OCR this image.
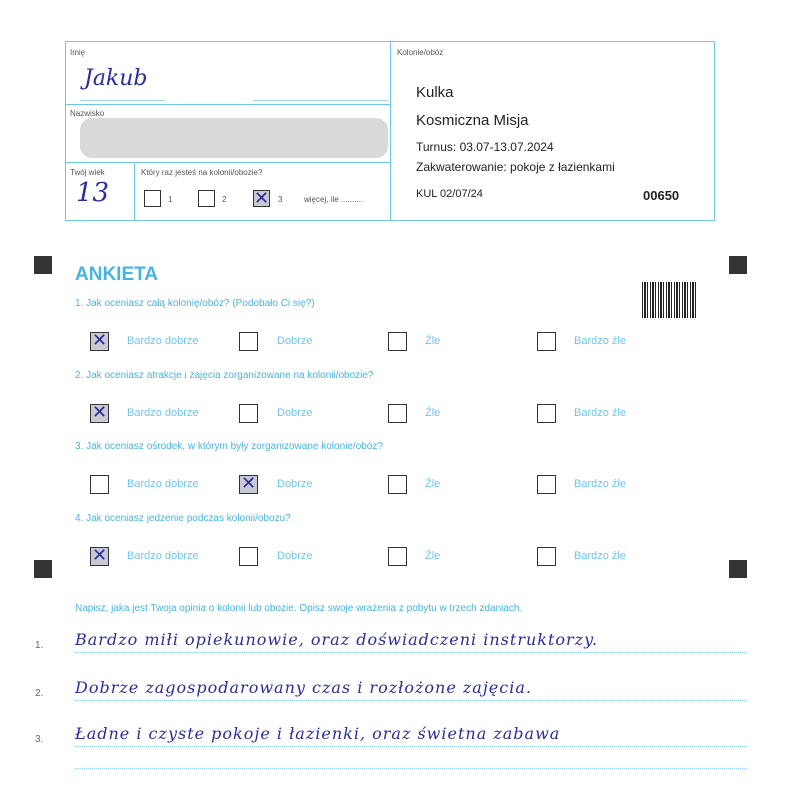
Imię
Jakub
Nazwisko
Twój wiek
13
Który raz jesteś na kolonii/obozie?
1	2 ✕ 3	więcej, ile ..........
Kolonie/obóz
Kulka
Kosmiczna Misja
Turnus: 03.07-13.07.2024
Zakwaterowanie: pokoje z łazienkami
KUL 02/07/24	00650
ANKIETA
1. Jak oceniasz całą kolonię/obóz? (Podobało Ci się?)
✕ Bardzo dobrze	Dobrze	Źle	Bardzo źle
2. Jak oceniasz atrakcje i zajęcia zorganizowane na kolonii/obozie?
✕ Bardzo dobrze	Dobrze	Źle	Bardzo źle
3. Jak oceniasz ośrodek, w którym były zorganizowane kolonie/obóz?
Bardzo dobrze ✕ Dobrze	Źle	Bardzo źle
4. Jak oceniasz jedzenie podczas kolonii/obozu?
✕ Bardzo dobrze	Dobrze	Źle	Bardzo źle
Napisz, jaka jest Twoja opinia o kolonii lub obozie. Opisz swoje wrażenia z pobytu w trzech zdaniach.
1. Bardzo miłi opiekunowie, oraz doświadczeni instruktorzy.
2. Dobrze zagospodarowany czas i rozłożone zajęcia.
3. Ładne i czyste pokoje i łazienki, oraz świetna zabawa
